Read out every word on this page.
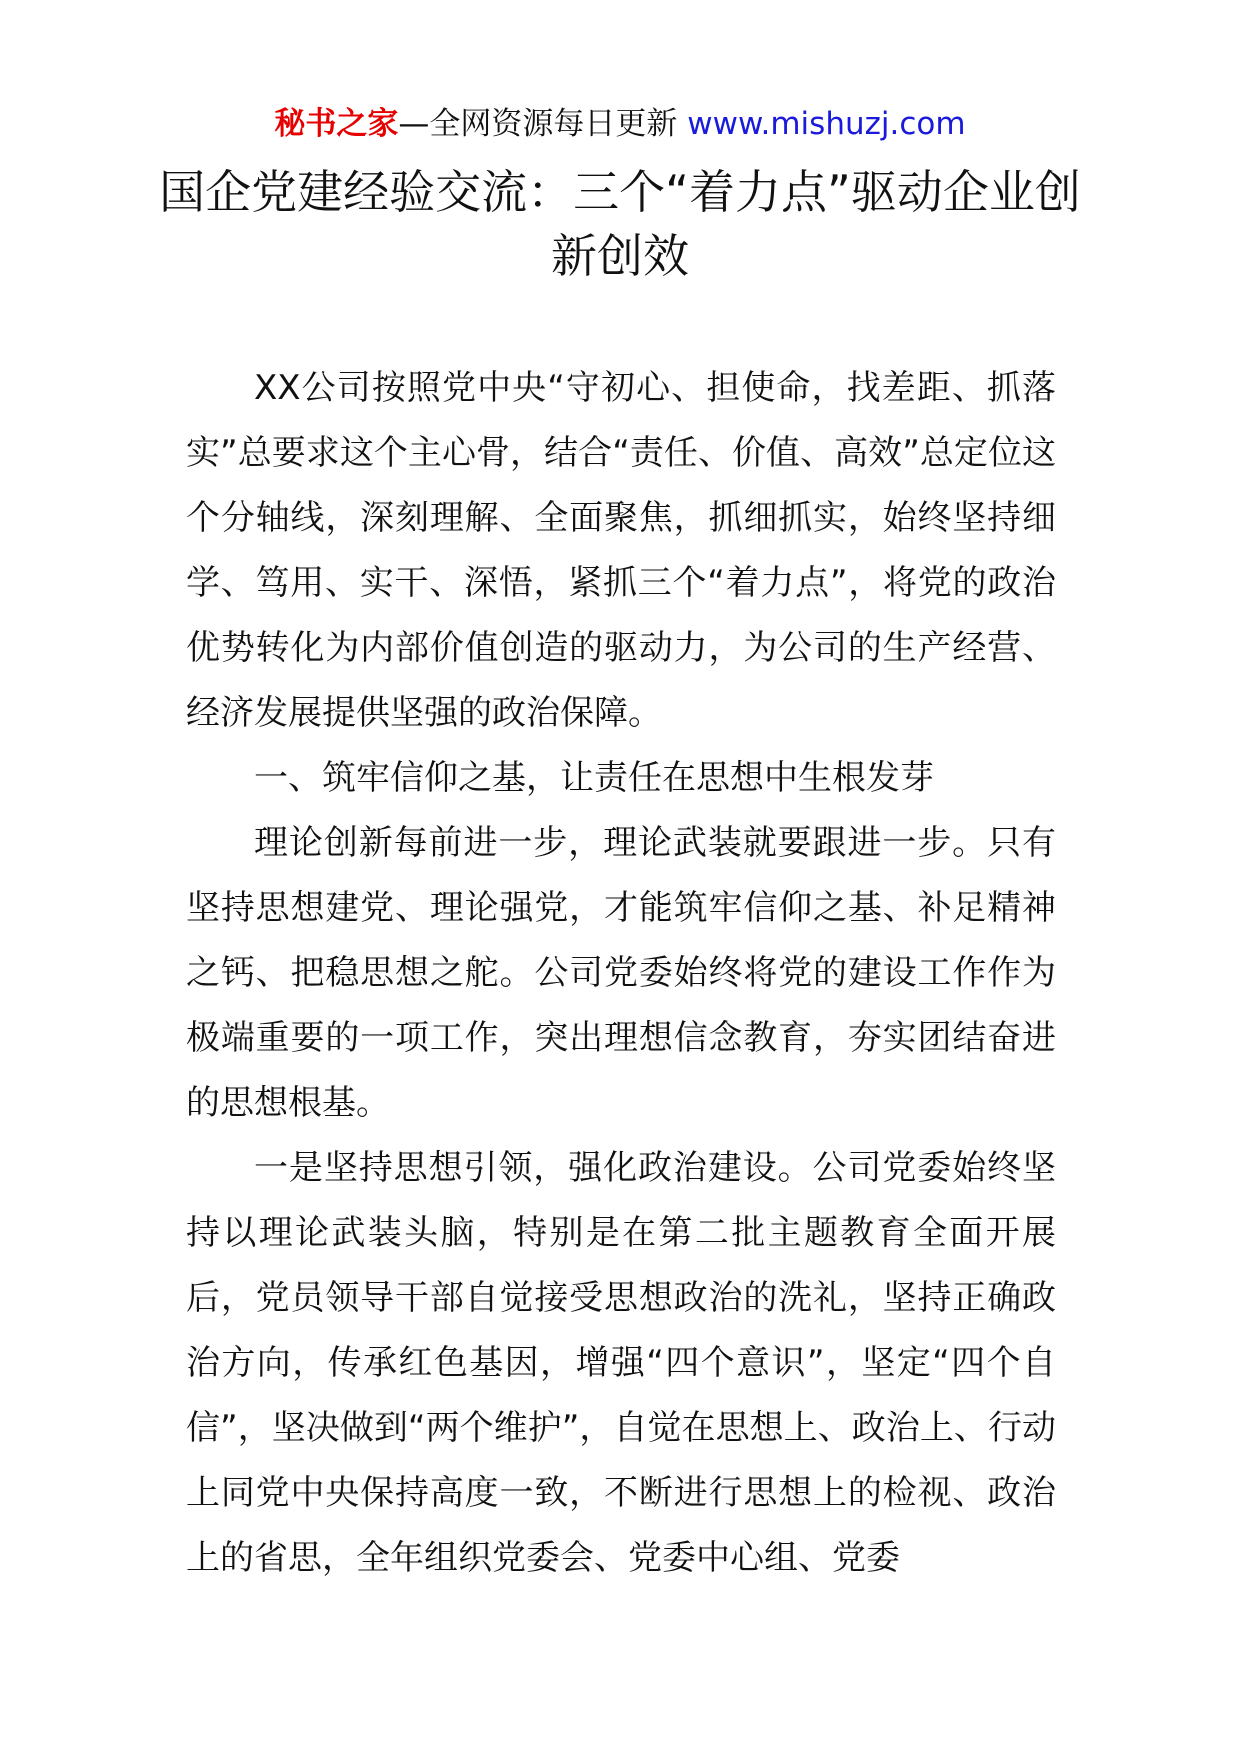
秘书之家—全网资源每日更新 www.mishuzj.com
国企党建经验交流：三个“着力点”驱动企业创新创效

XX公司按照党中央“守初心、担使命，找差距、抓落实”总要求这个主心骨，结合“责任、价值、高效”总定位这个分轴线，深刻理解、全面聚焦，抓细抓实，始终坚持细学、笃用、实干、深悟，紧抓三个“着力点”，将党的政治优势转化为内部价值创造的驱动力，为公司的生产经营、经济发展提供坚强的政治保障。

一、筑牢信仰之基，让责任在思想中生根发芽

理论创新每前进一步，理论武装就要跟进一步。只有坚持思想建党、理论强党，才能筑牢信仰之基、补足精神之钙、把稳思想之舵。公司党委始终将党的建设工作作为极端重要的一项工作，突出理想信念教育，夯实团结奋进的思想根基。

一是坚持思想引领，强化政治建设。公司党委始终坚持以理论武装头脑，特别是在第二批主题教育全面开展后，党员领导干部自觉接受思想政治的洗礼，坚持正确政治方向，传承红色基因，增强“四个意识”，坚定“四个自信”，坚决做到“两个维护”，自觉在思想上、政治上、行动上同党中央保持高度一致，不断进行思想上的检视、政治上的省思，全年组织党委会、党委中心组、党委
